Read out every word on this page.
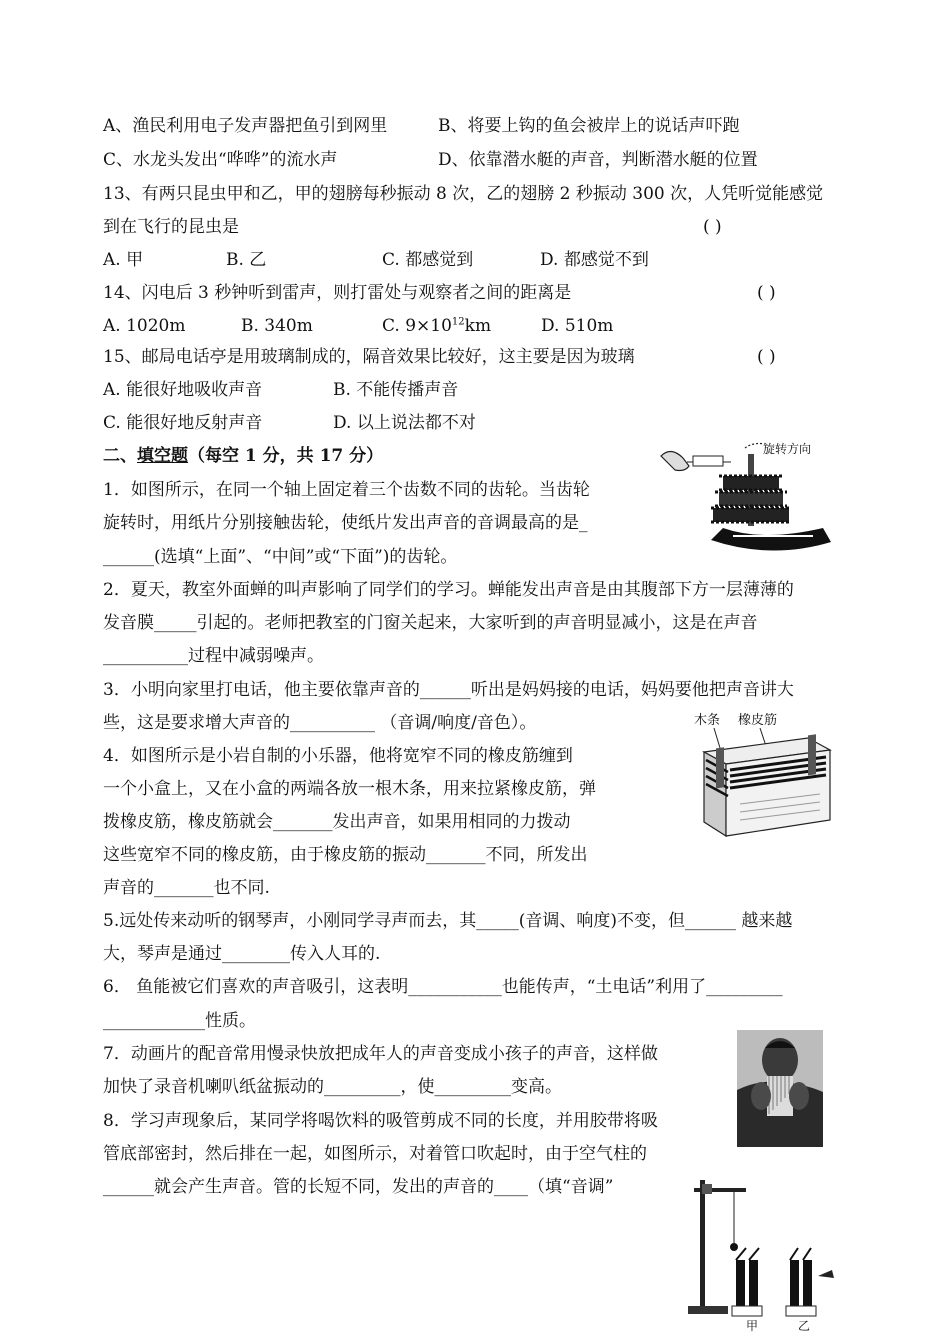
A、渔民利用电子发声器把鱼引到网里	B、将要上钩的鱼会被岸上的说话声吓跑
C、水龙头发出“哗哗”的流水声	D、依靠潜水艇的声音，判断潜水艇的位置
13、有两只昆虫甲和乙，甲的翅膀每秒振动 8 次，乙的翅膀 2 秒振动 300 次，人凭听觉能感觉
到在飞行的昆虫是	( )
A. 甲	B. 乙	C. 都感觉到	D. 都感觉不到
14、闪电后 3 秒钟听到雷声，则打雷处与观察者之间的距离是	( )
A. 1020m	B. 340m	C. $9\times 10^{12}km$	D. 510m
15、邮局电话亭是用玻璃制成的，隔音效果比较好，这主要是因为玻璃	( )
A. 能很好地吸收声音	B. 不能传播声音
C. 能很好地反射声音	D. 以上说法都不对
二、填空题（每空 1 分，共 17 分）
1．如图所示，在同一个轴上固定着三个齿数不同的齿轮。当齿轮
旋转时，用纸片分别接触齿轮，使纸片发出声音的音调最高的是_
______(选填“上面”、“中间”或“下面”)的齿轮。
旋转方向
2．夏天，教室外面蝉的叫声影响了同学们的学习。蝉能发出声音是由其腹部下方一层薄薄的
发音膜_____引起的。老师把教室的门窗关起来，大家听到的声音明显减小，这是在声音
__________过程中减弱噪声。
3．小明向家里打电话，他主要依靠声音的______听出是妈妈接的电话，妈妈要他把声音讲大
些，这是要求增大声音的__________ （音调/响度/音色）。
4．如图所示是小岩自制的小乐器，他将宽窄不同的橡皮筋缠到
一个小盒上，又在小盒的两端各放一根木条，用来拉紧橡皮筋，弹
拨橡皮筋，橡皮筋就会_______发出声音，如果用相同的力拨动
这些宽窄不同的橡皮筋，由于橡皮筋的振动_______不同，所发出
声音的_______也不同.
木条 橡皮筋
5.远处传来动听的钢琴声，小刚同学寻声而去，其_____(音调、响度)不变，但______ 越来越
大，琴声是通过________传入人耳的.
6． 鱼能被它们喜欢的声音吸引，这表明___________也能传声，“土电话”利用了_________
____________性质。
7．动画片的配音常用慢录快放把成年人的声音变成小孩子的声音，这样做
加快了录音机喇叭纸盆振动的_________，使_________变高。
8．学习声现象后，某同学将喝饮料的吸管剪成不同的长度，并用胶带将吸
管底部密封，然后排在一起，如图所示，对着管口吹起时，由于空气柱的
______就会产生声音。管的长短不同，发出的声音的____（填“音调”
甲	乙
